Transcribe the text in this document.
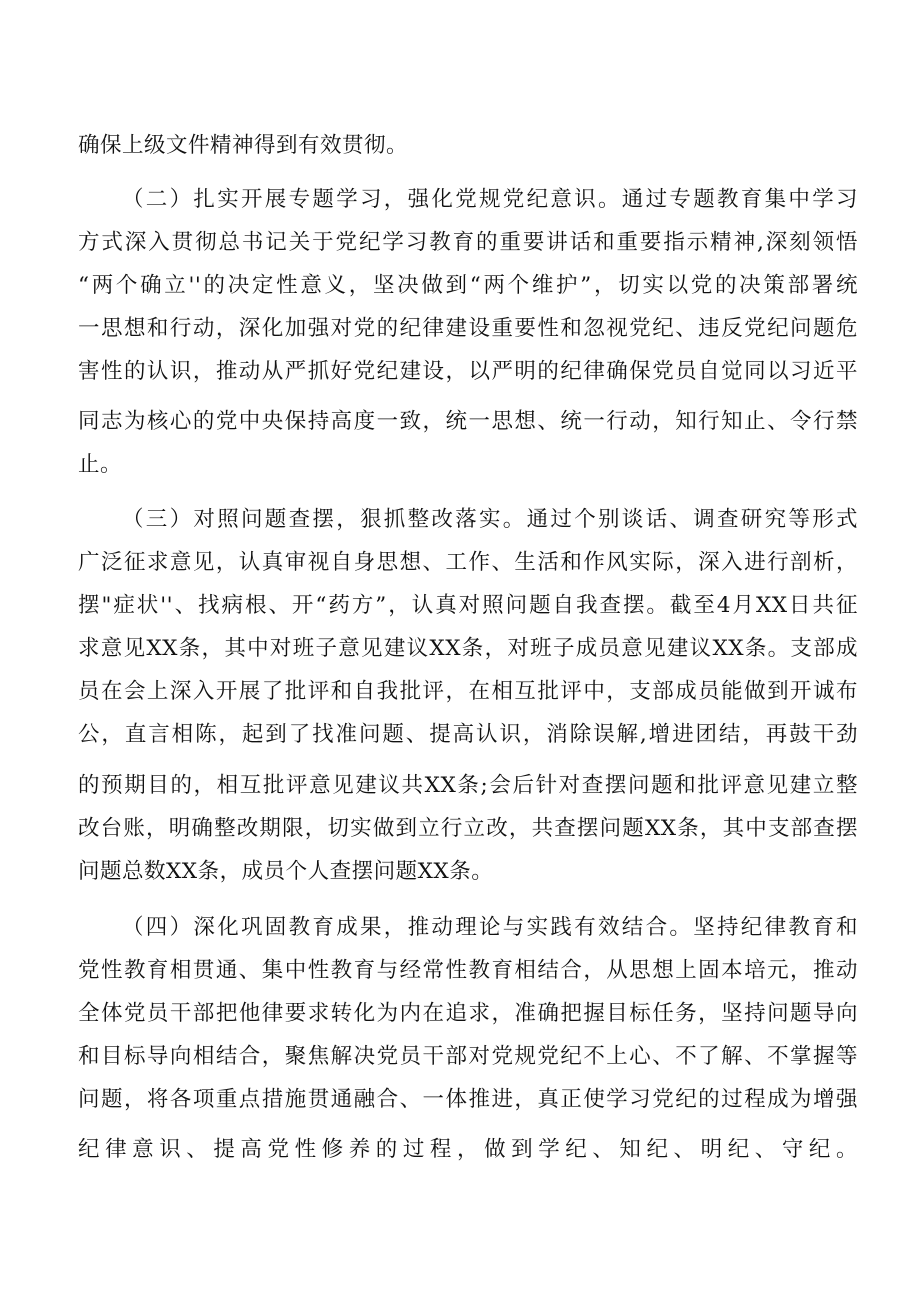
确保上级文件精神得到有效贯彻。
（二）扎实开展专题学习，强化党规党纪意识。通过专题教育集中学习
方式深入贯彻总书记关于党纪学习教育的重要讲话和重要指示精神,深刻领悟
“两个确立''的决定性意义，坚决做到“两个维护”，切实以党的决策部署统
一思想和行动，深化加强对党的纪律建设重要性和忽视党纪、违反党纪问题危
害性的认识，推动从严抓好党纪建设，以严明的纪律确保党员自觉同以习近平
同志为核心的党中央保持高度一致，统一思想、统一行动，知行知止、令行禁
止。
（三）对照问题查摆，狠抓整改落实。通过个别谈话、调查研究等形式
广泛征求意见，认真审视自身思想、工作、生活和作风实际，深入进行剖析，
摆"症状''、找病根、开“药方”，认真对照问题自我查摆。截至4月XX日共征
求意见XX条，其中对班子意见建议XX条，对班子成员意见建议XX条。支部成
员在会上深入开展了批评和自我批评，在相互批评中，支部成员能做到开诚布
公，直言相陈，起到了找准问题、提高认识，消除误解,增进团结，再鼓干劲
的预期目的，相互批评意见建议共XX条;会后针对查摆问题和批评意见建立整
改台账，明确整改期限，切实做到立行立改，共查摆问题XX条，其中支部查摆
问题总数XX条，成员个人查摆问题XX条。
（四）深化巩固教育成果，推动理论与实践有效结合。坚持纪律教育和
党性教育相贯通、集中性教育与经常性教育相结合，从思想上固本培元，推动
全体党员干部把他律要求转化为内在追求，准确把握目标任务，坚持问题导向
和目标导向相结合，聚焦解决党员干部对党规党纪不上心、不了解、不掌握等
问题，将各项重点措施贯通融合、一体推进，真正使学习党纪的过程成为增强
纪律意识、提高党性修养的过程，做到学纪、知纪、明纪、守纪。
